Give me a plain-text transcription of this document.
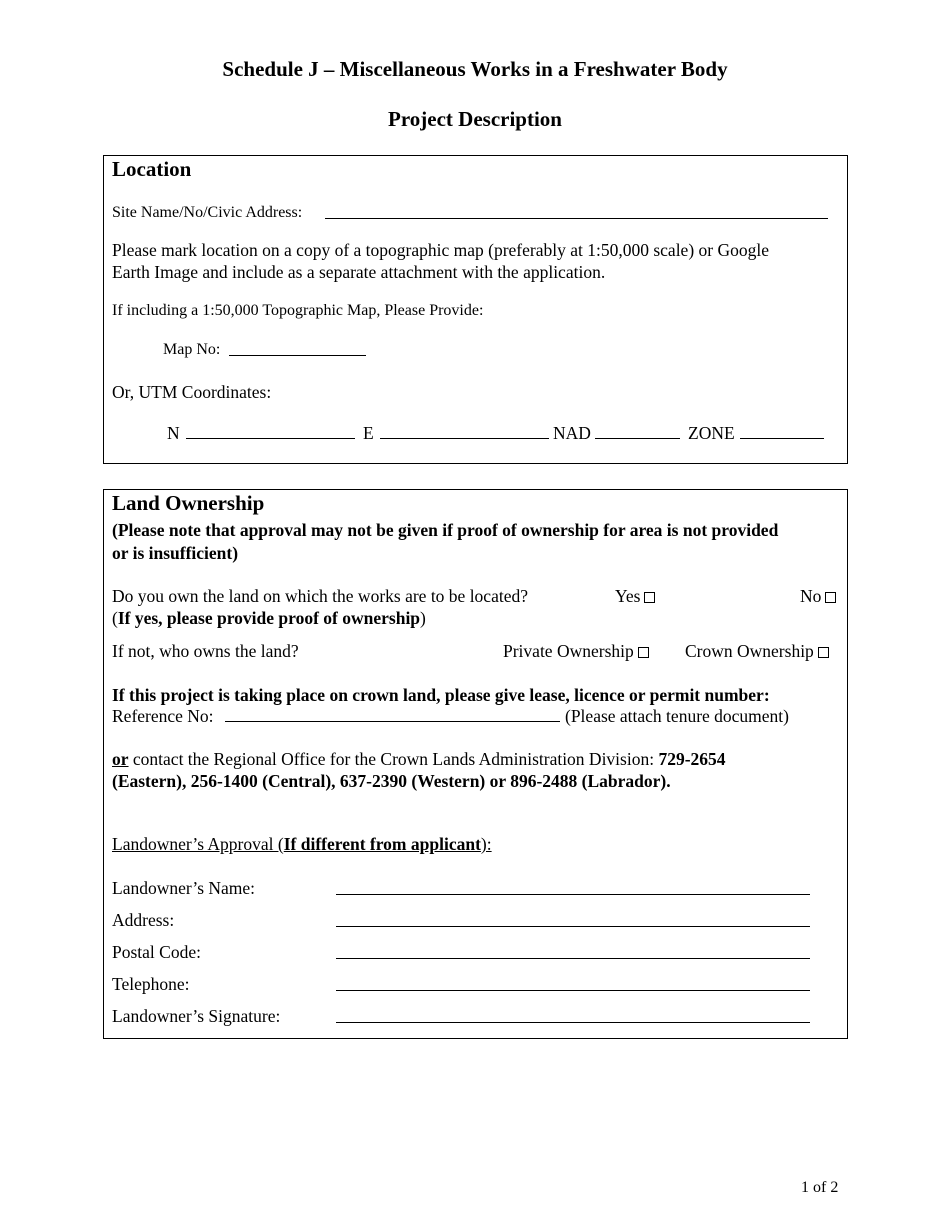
Schedule J – Miscellaneous Works in a Freshwater Body
Project Description
Location
Site Name/No/Civic Address:
Please mark location on a copy of a topographic map (preferably at 1:50,000 scale) or Google
Earth Image and include as a separate attachment with the application.
If including a 1:50,000 Topographic Map, Please Provide:
Map No:
Or, UTM Coordinates:
N	E	NAD	ZONE
Land Ownership
(Please note that approval may not be given if proof of ownership for area is not provided
or is insufficient)
Do you own the land on which the works are to be located?	Yes	No
(If yes, please provide proof of ownership)
If not, who owns the land?	Private Ownership	Crown Ownership
If this project is taking place on crown land, please give lease, licence or permit number:
Reference No:	(Please attach tenure document)
or contact the Regional Office for the Crown Lands Administration Division: 729-2654
(Eastern), 256-1400 (Central), 637-2390 (Western) or 896-2488 (Labrador).
Landowner’s Approval (If different from applicant):
Landowner’s Name:
Address:
Postal Code:
Telephone:
Landowner’s Signature:
1 of 2
